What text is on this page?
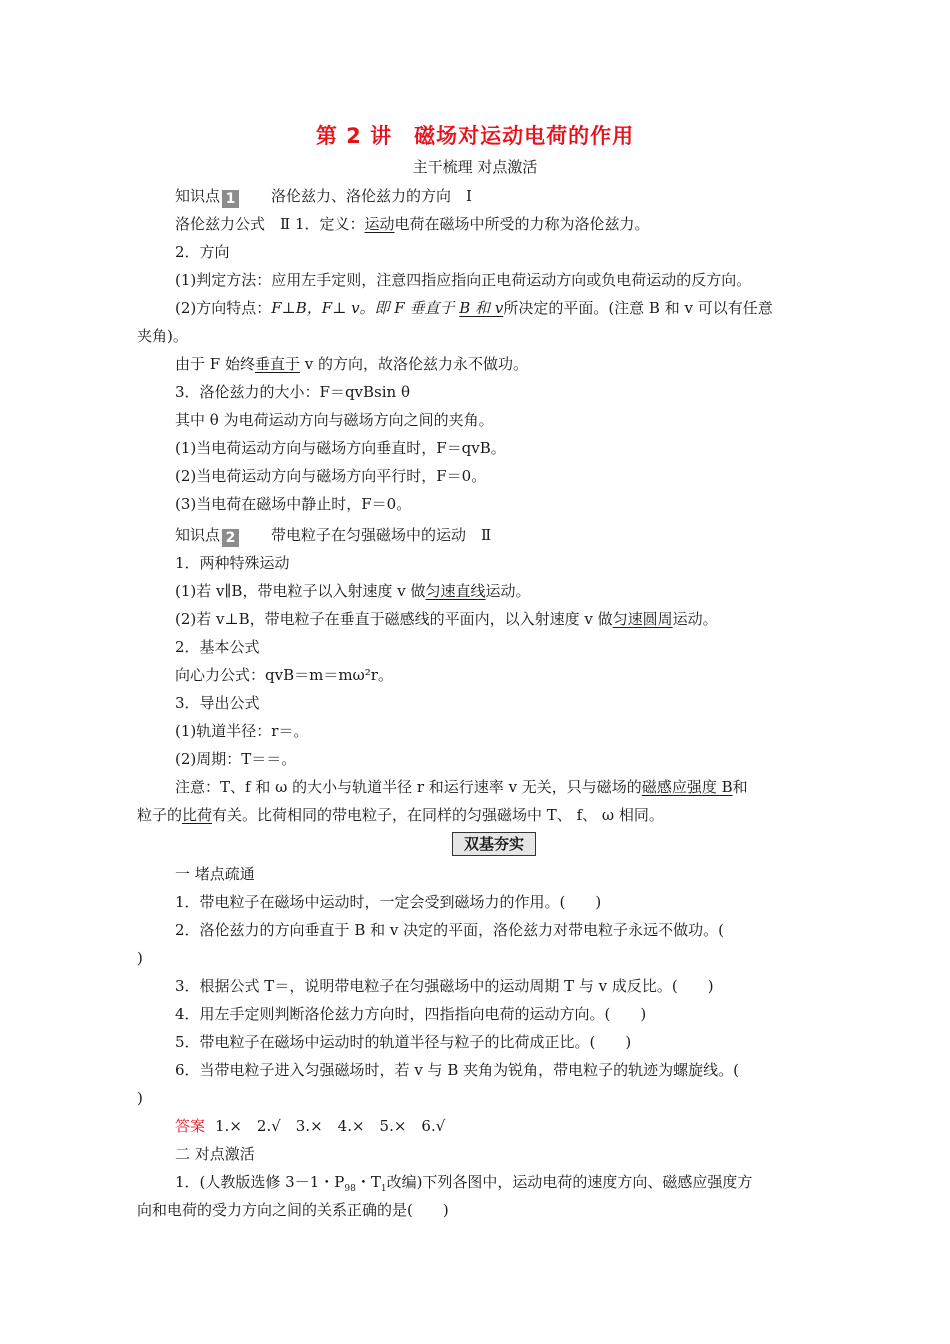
第 2 讲　磁场对运动电荷的作用
主干梳理 对点激活
知识点 1 洛伦兹力、洛伦兹力的方向　Ⅰ
洛伦兹力公式　Ⅱ 1．定义：运动电荷在磁场中所受的力称为洛伦兹力。
2．方向
(1)判定方法：应用左手定则，注意四指应指向正电荷运动方向或负电荷运动的反方向。
(2)方向特点：F⊥B，F⊥ v。即 F 垂直于 B 和 v所决定的平面。(注意 B 和 v 可以有任意
夹角)。
由于 F 始终垂直于 v 的方向，故洛伦兹力永不做功。
3．洛伦兹力的大小：F＝qvBsin θ
其中 θ 为电荷运动方向与磁场方向之间的夹角。
(1)当电荷运动方向与磁场方向垂直时，F＝qvB。
(2)当电荷运动方向与磁场方向平行时，F＝0。
(3)当电荷在磁场中静止时，F＝0。
知识点 2 带电粒子在匀强磁场中的运动　Ⅱ
1．两种特殊运动
(1)若 v∥B，带电粒子以入射速度 v 做匀速直线运动。
(2)若 v⊥B，带电粒子在垂直于磁感线的平面内，以入射速度 v 做匀速圆周运动。
2．基本公式
向心力公式：qvB＝m＝mω²r。
3．导出公式
(1)轨道半径：r＝。
(2)周期：T＝＝。
注意：T、f 和 ω 的大小与轨道半径 r 和运行速率 v 无关，只与磁场的磁感应强度 B和
粒子的比荷有关。比荷相同的带电粒子，在同样的匀强磁场中 T、 f、 ω 相同。
双基夯实
一 堵点疏通
1．带电粒子在磁场中运动时，一定会受到磁场力的作用。(　　)
2．洛伦兹力的方向垂直于 B 和 v 决定的平面，洛伦兹力对带电粒子永远不做功。(
)
3．根据公式 T＝，说明带电粒子在匀强磁场中的运动周期 T 与 v 成反比。(　　)
4．用左手定则判断洛伦兹力方向时，四指指向电荷的运动方向。(　　)
5．带电粒子在磁场中运动时的轨道半径与粒子的比荷成正比。(　　)
6．当带电粒子进入匀强磁场时，若 v 与 B 夹角为锐角，带电粒子的轨迹为螺旋线。(
)
答案 1.×　2.√　3.×　4.×　5.×　6.√
二 对点激活
1．(人教版选修 3－1・$P_{98}$・$T_1$改编)下列各图中，运动电荷的速度方向、磁感应强度方
向和电荷的受力方向之间的关系正确的是(　　)
